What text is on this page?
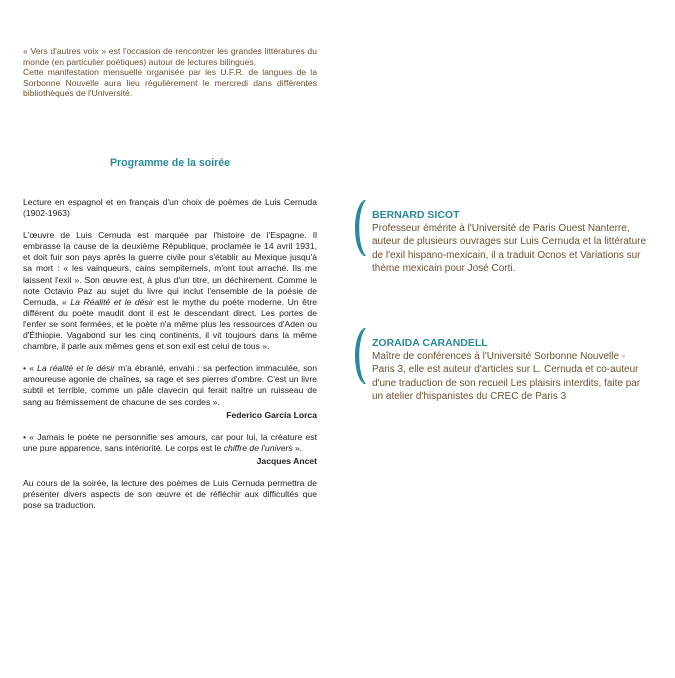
« Vers d'autres voix » est l'occasion de rencontrer les grandes littératures du monde (en particulier poétiques) autour de lectures bilingues.

Cette manifestation mensuelle organisée par les U.F.R. de langues de la Sorbonne Nouvelle aura lieu régulièrement le mercredi dans différentes bibliothèques de l'Université.

Programme de la soirée

Lecture en espagnol et en français d'un choix de poèmes de Luis Cernuda (1902-1963)

L'œuvre de Luis Cernuda est marquée par l'histoire de l'Espagne. Il embrasse la cause de la deuxième République, proclamée le 14 avril 1931, et doit fuir son pays après la guerre civile pour s'établir au Mexique jusqu'à sa mort : « les vainqueurs, cains sempiternels, m'ont tout arraché. Ils me laissent l'exil ». Son œuvre est, à plus d'un titre, un déchirement. Comme le note Octavio Paz au sujet du livre qui inclut l'ensemble de la poésie de Cernuda, « La Réalité et le désir est le mythe du poète moderne. Un être différent du poète maudit dont il est le descendant direct. Les portes de l'enfer se sont fermées, et le poète n'a même plus les ressources d'Aden ou d'Éthiopie. Vagabond sur les cinq continents, il vit toujours dans la même chambre, il parle aux mêmes gens et son exil est celui de tous ».

• « La réalité et le désir m'a ébranlé, envahi : sa perfection immaculée, son amoureuse agonie de chaînes, sa rage et ses pierres d'ombre. C'est un livre subtil et terrible, comme un pâle clavecin qui ferait naître un ruisseau de sang au frémissement de chacune de ses cordes ».

Federico García Lorca

• « Jamais le poète ne personnifie ses amours, car pour lui, la créature est une pure apparence, sans intériorité. Le corps est le chiffre de l'univers ».

Jacques Ancet

Au cours de la soirée, la lecture des poèmes de Luis Cernuda permettra de présenter divers aspects de son œuvre et de réfléchir aux difficultés que pose sa traduction.

BERNARD SICOT
Professeur émérite à l'Université de Paris Ouest Nanterre, auteur de plusieurs ouvrages sur Luis Cernuda et la littérature de l'exil hispano-mexicain, il a traduit Ocnos et Variations sur thème mexicain pour José Corti.
ZORAIDA CARANDELL
Maître de conférences à l'Université Sorbonne Nouvelle - Paris 3, elle est auteur d'articles sur L. Cernuda et co-auteur d'une traduction de son recueil Les plaisirs interdits, faite par un atelier d'hispanistes du CREC de Paris 3
